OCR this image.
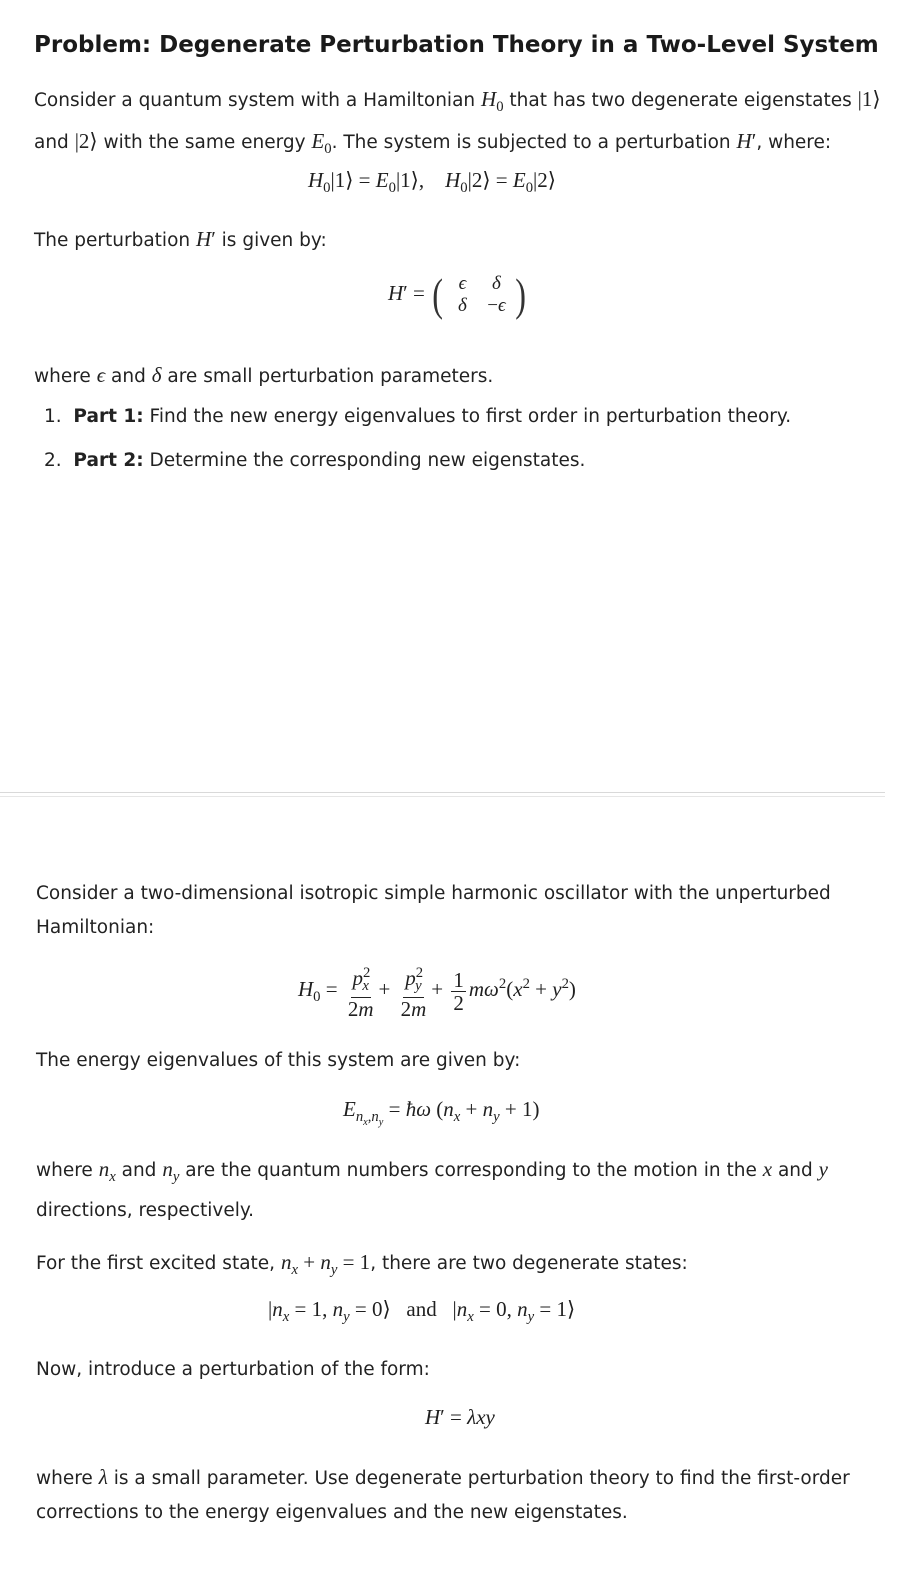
Problem: Degenerate Perturbation Theory in a Two-Level System
Consider a quantum system with a Hamiltonian $H_0$ that has two degenerate eigenstates |1⟩
and |2⟩ with the same energy $E_0$. The system is subjected to a perturbation H′, where:
$H_0|1⟩$ = $E_0|1⟩$,    $H_0|2⟩$ = $E_0|2⟩$
The perturbation H′ is given by:
H′ = ( ϵ	δ
δ	−ϵ )
where ϵ and δ are small perturbation parameters.
1. Part 1: Find the new energy eigenvalues to first order in perturbation theory.
2. Part 2: Determine the corresponding new eigenstates.
Consider a two-dimensional isotropic simple harmonic oscillator with the unperturbed
Hamiltonian:
$H_0 = \frac{p^2_x}{2m} + \frac{p^2_y}{2m} + \frac{1}{2} m\omega^2(x^2 + y^2)$
The energy eigenvalues of this system are given by:
$E_{n_x,n_y}$ = ħω $(n_x + n_y + 1)$
where $n_x$ and $n_y$ are the quantum numbers corresponding to the motion in the x and y
directions, respectively.
For the first excited state, $n_x + n_y = 1$, there are two degenerate states:
$|n_x = 1$, $n_y$ = 0⟩   and   $|n_x = 0$, $n_y$ = 1⟩
Now, introduce a perturbation of the form:
H′ = λxy
where λ is a small parameter. Use degenerate perturbation theory to find the first-order
corrections to the energy eigenvalues and the new eigenstates.
